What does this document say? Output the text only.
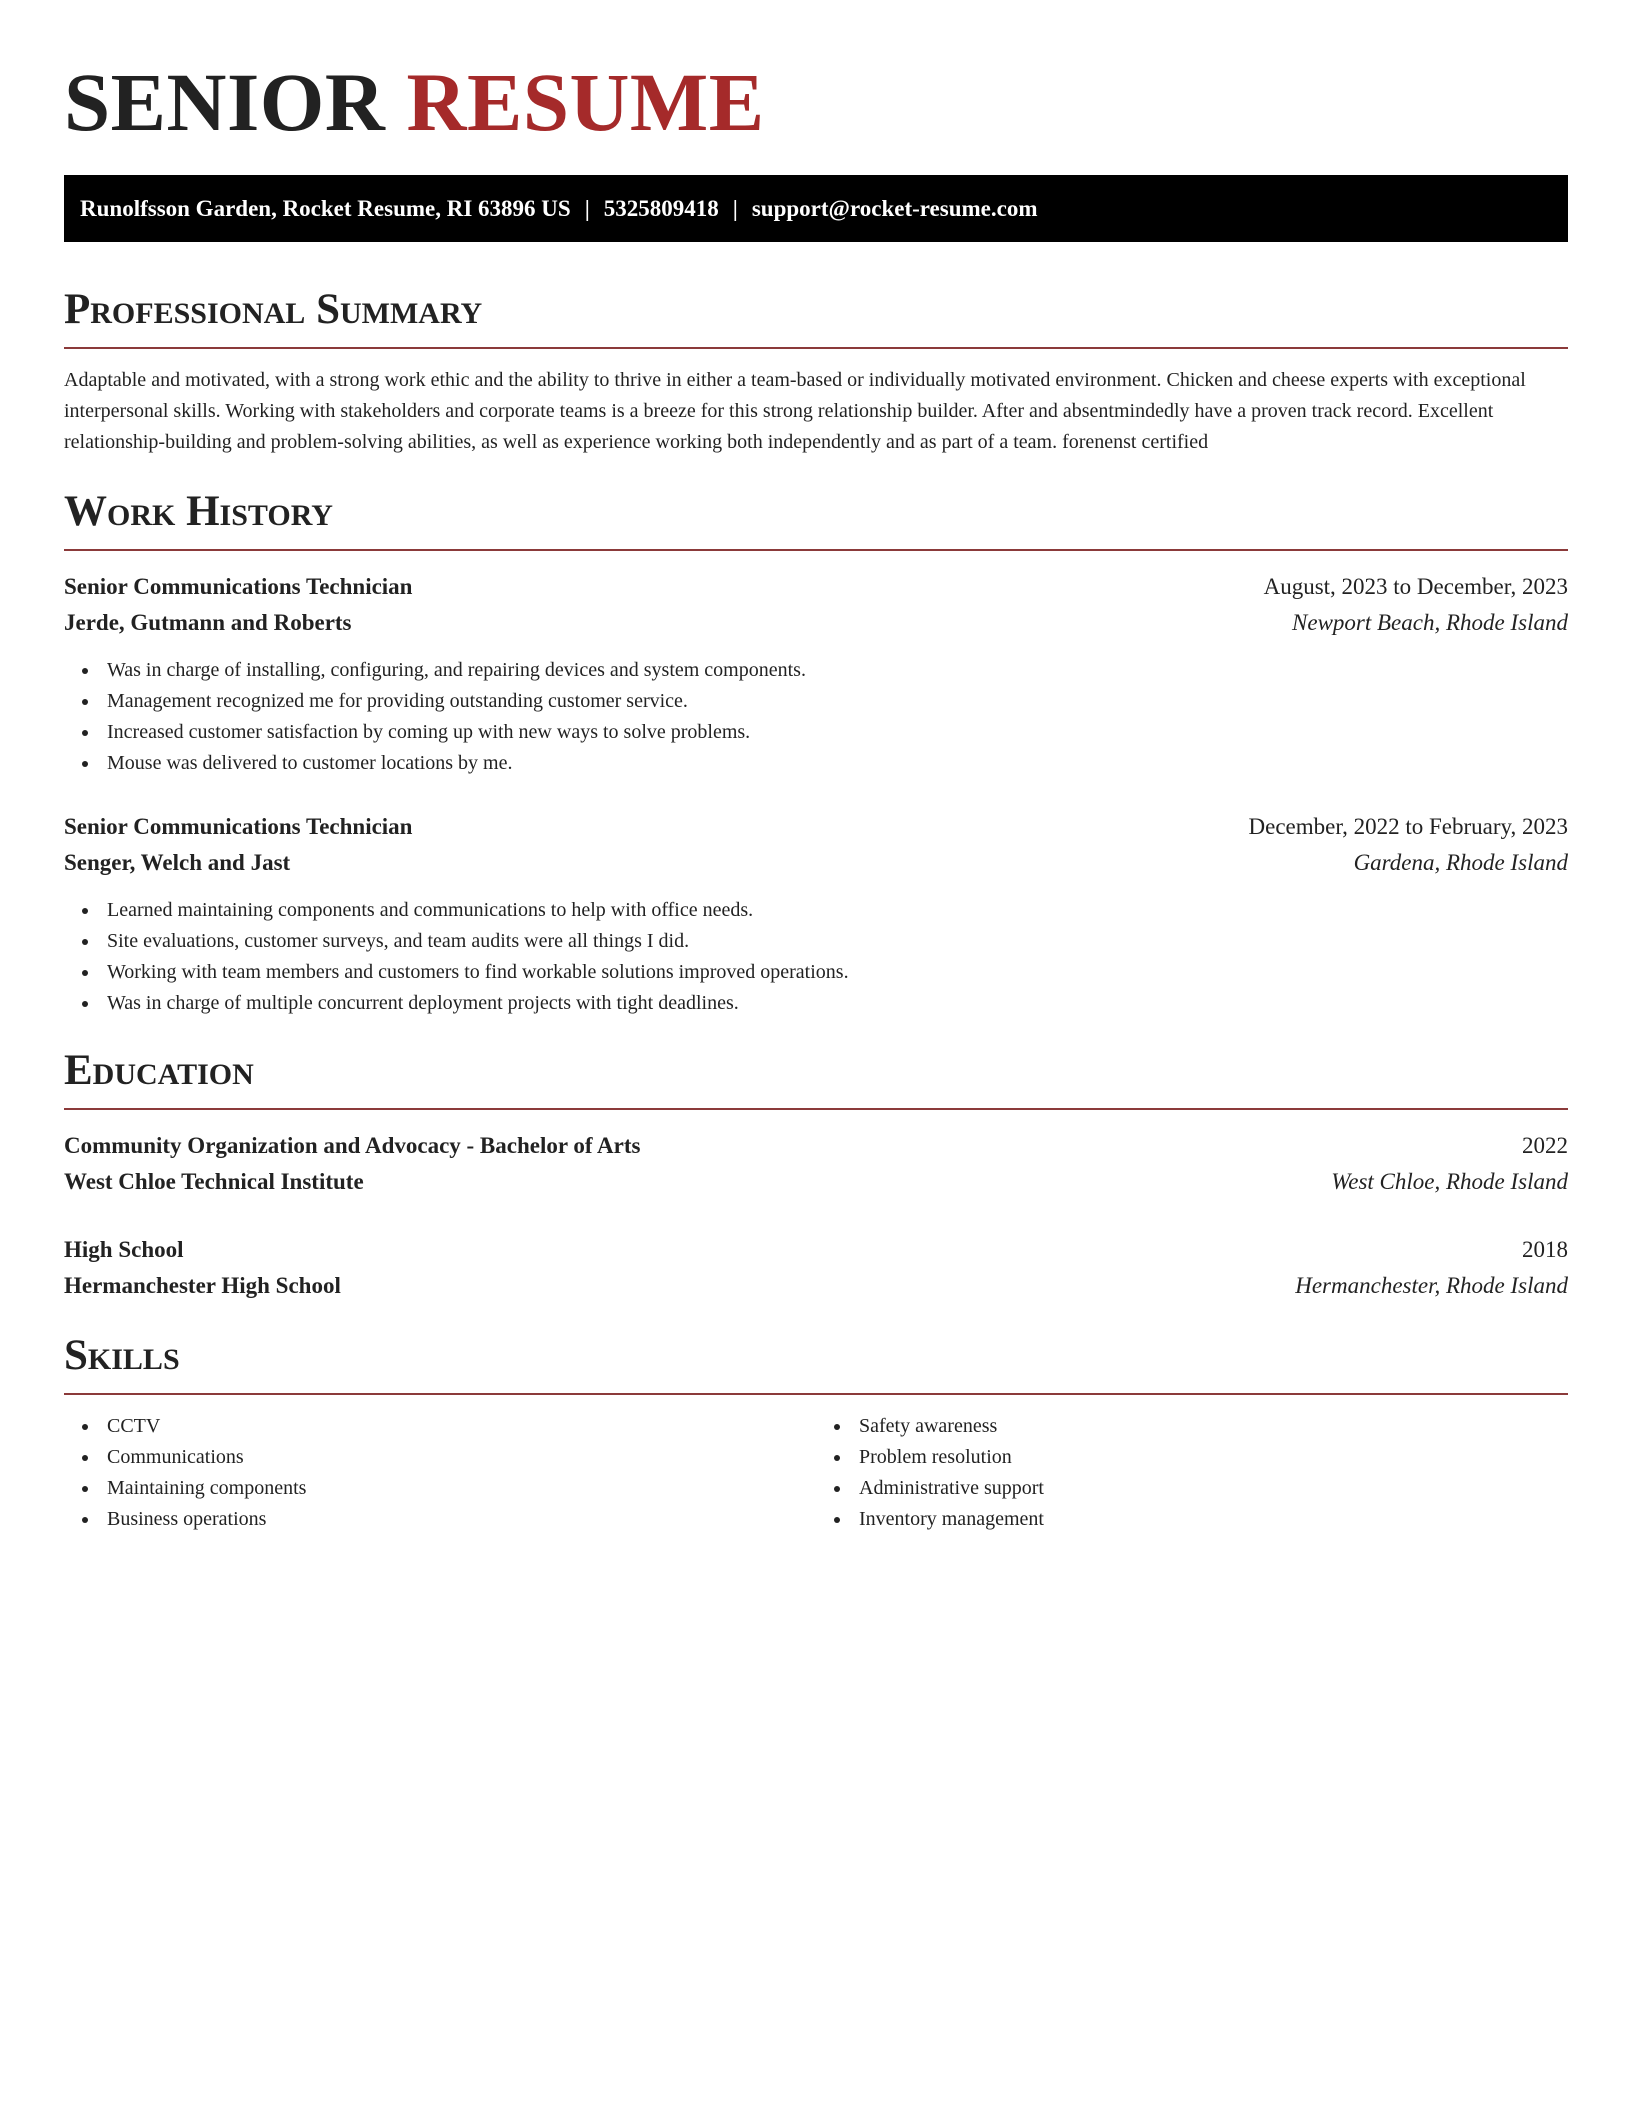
SENIOR RESUME
Runolfsson Garden, Rocket Resume, RI 63896 US | 5325809418 | support@rocket-resume.com
Professional Summary

Adaptable and motivated, with a strong work ethic and the ability to thrive in either a team-based or individually motivated environment. Chicken and cheese experts with exceptional interpersonal skills. Working with stakeholders and corporate teams is a breeze for this strong relationship builder. After and absentmindedly have a proven track record. Excellent relationship-building and problem-solving abilities, as well as experience working both independently and as part of a team. forenenst certified

Work History
Senior Communications Technician	August, 2023 to December, 2023
Jerde, Gutmann and Roberts	Newport Beach, Rhode Island
Was in charge of installing, configuring, and repairing devices and system components.
Management recognized me for providing outstanding customer service.
Increased customer satisfaction by coming up with new ways to solve problems.
Mouse was delivered to customer locations by me.
Senior Communications Technician	December, 2022 to February, 2023
Senger, Welch and Jast	Gardena, Rhode Island
Learned maintaining components and communications to help with office needs.
Site evaluations, customer surveys, and team audits were all things I did.
Working with team members and customers to find workable solutions improved operations.
Was in charge of multiple concurrent deployment projects with tight deadlines.
Education
Community Organization and Advocacy - Bachelor of Arts	2022
West Chloe Technical Institute	West Chloe, Rhode Island
High School	2018
Hermanchester High School	Hermanchester, Rhode Island
Skills
CCTV
Communications
Maintaining components
Business operations
Safety awareness
Problem resolution
Administrative support
Inventory management
